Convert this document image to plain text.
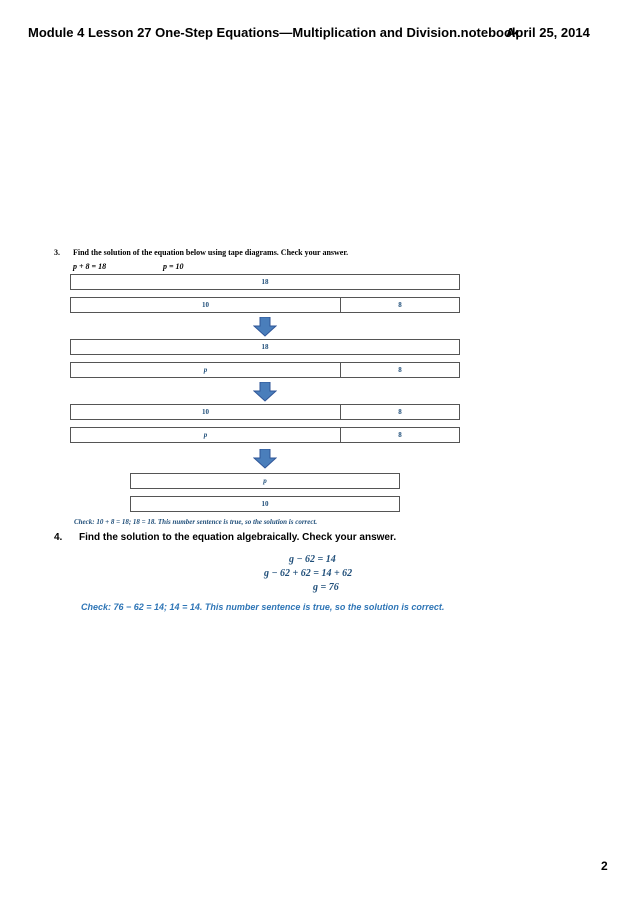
Module 4 Lesson 27 One-Step Equations—Multiplication and Division.notebook
April 25, 2014
3. Find the solution of the equation below using tape diagrams. Check your answer.
p + 8 = 18	p = 10
18
10	8
18
p	8
10	8
p	8
p
10
Check: 10 + 8 = 18; 18 = 18. This number sentence is true, so the solution is correct.
4. Find the solution to the equation algebraically. Check your answer.
g − 62 = 14
g − 62 + 62 = 14 + 62
g = 76
Check: 76 − 62 = 14; 14 = 14. This number sentence is true, so the solution is correct.
2
